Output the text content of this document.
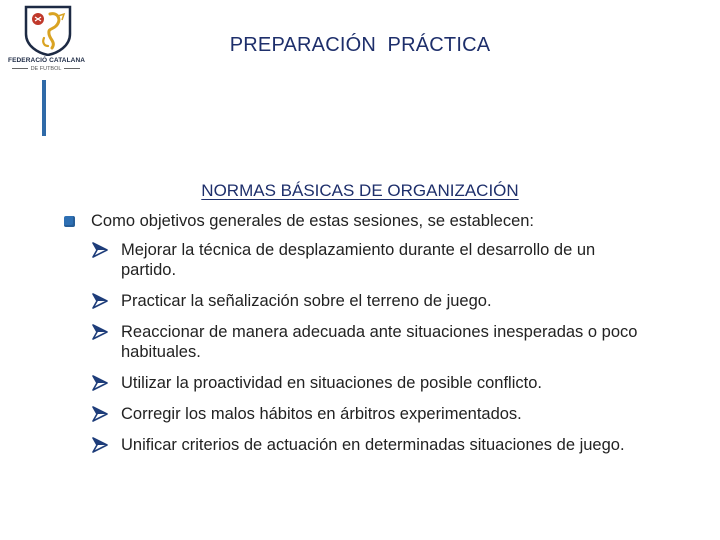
FEDERACIÓ CATALANA
DE FUTBOL
PREPARACIÓN  PRÁCTICA
NORMAS BÁSICAS DE ORGANIZACIÓN
Como objetivos generales de estas sesiones, se establecen:
Mejorar la técnica de desplazamiento durante el desarrollo de un partido.
Practicar la señalización sobre el terreno de juego.
Reaccionar de manera adecuada ante situaciones inesperadas o poco habituales.
Utilizar la proactividad en situaciones de posible conflicto.
Corregir los malos hábitos en árbitros experimentados.
Unificar criterios de actuación en determinadas situaciones de juego.
